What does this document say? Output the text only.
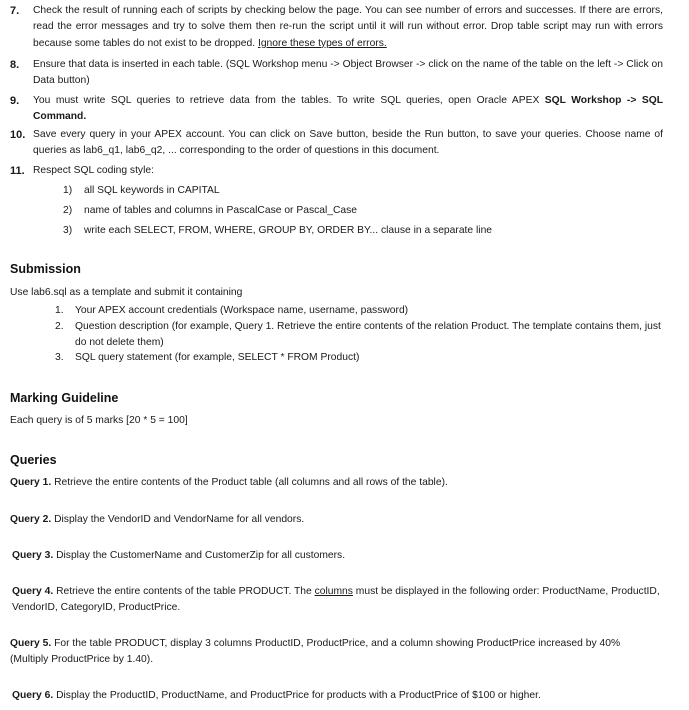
7. Check the result of running each of scripts by checking below the page. You can see number of errors and successes. If there are errors, read the error messages and try to solve them then re-run the script until it will run without error. Drop table script may run with errors because some tables do not exist to be dropped. Ignore these types of errors.
8. Ensure that data is inserted in each table. (SQL Workshop menu -> Object Browser -> click on the name of the table on the left -> Click on Data button)
9. You must write SQL queries to retrieve data from the tables. To write SQL queries, open Oracle APEX SQL Workshop -> SQL Command.
10. Save every query in your APEX account. You can click on Save button, beside the Run button, to save your queries. Choose name of queries as lab6_q1, lab6_q2, ... corresponding to the order of questions in this document.
11. Respect SQL coding style:
1) all SQL keywords in CAPITAL
2) name of tables and columns in PascalCase or Pascal_Case
3) write each SELECT, FROM, WHERE, GROUP BY, ORDER BY... clause in a separate line
Submission
Use lab6.sql as a template and submit it containing
1. Your APEX account credentials (Workspace name, username, password)
2. Question description (for example, Query 1. Retrieve the entire contents of the relation Product. The template contains them, just do not delete them)
3. SQL query statement (for example, SELECT * FROM Product)
Marking Guideline
Each query is of 5 marks [20 * 5 = 100]
Queries
Query 1. Retrieve the entire contents of the Product table (all columns and all rows of the table).
Query 2. Display the VendorID and VendorName for all vendors.
Query 3. Display the CustomerName and CustomerZip for all customers.
Query 4. Retrieve the entire contents of the table PRODUCT. The columns must be displayed in the following order: ProductName, ProductID, VendorID, CategoryID, ProductPrice.
Query 5. For the table PRODUCT, display 3 columns ProductID, ProductPrice, and a column showing ProductPrice increased by 40% (Multiply ProductPrice by 1.40).
Query 6. Display the ProductID, ProductName, and ProductPrice for products with a ProductPrice of $100 or higher.
